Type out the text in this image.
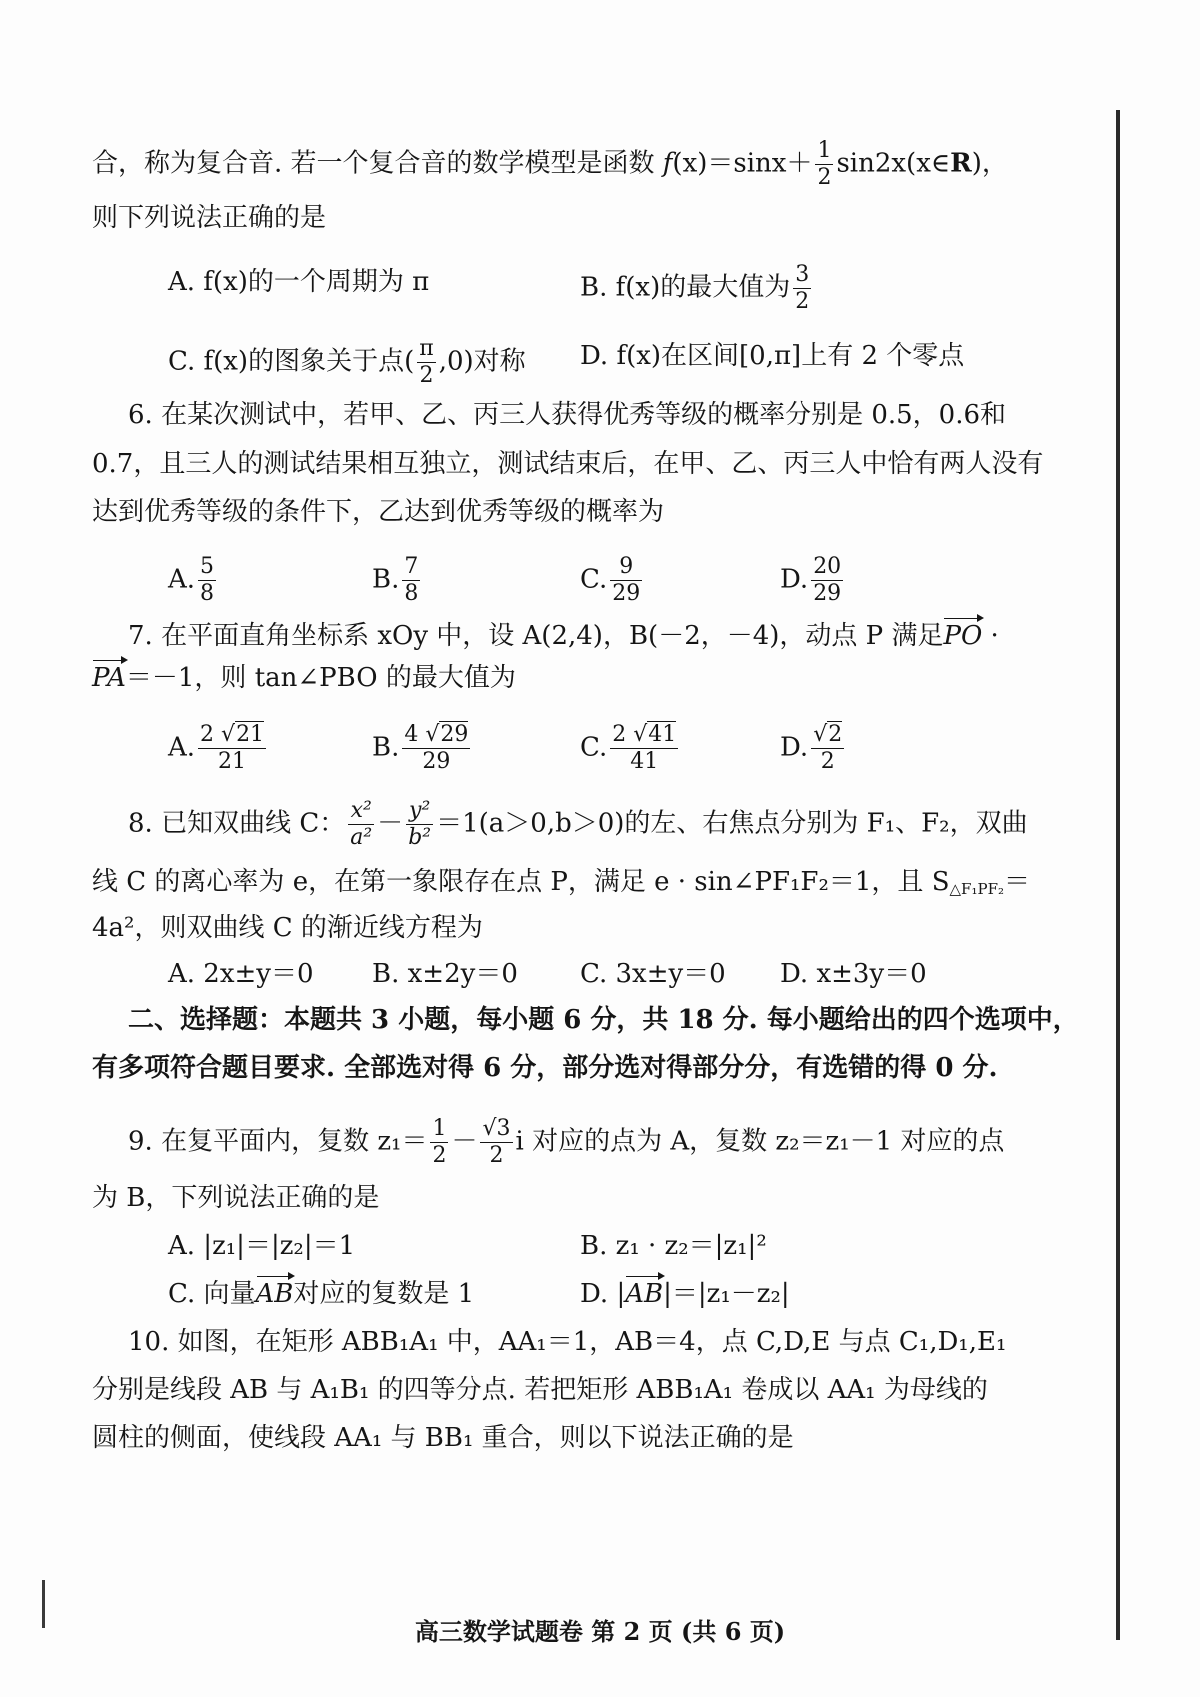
合，称为复合音. 若一个复合音的数学模型是函数 $f(x)=\sin x+ \frac{1}{2}$ sin2x(x∈R)，
则下列说法正确的是
A. f(x)的一个周期为 π	B. f(x)的最大值为 $\frac{3}{2}$
C. f(x)的图象关于点( $\frac{\pi}{2} ,0$)对称 D. f(x)在区间[0,π]上有 2 个零点
6. 在某次测试中，若甲、乙、丙三人获得优秀等级的概率分别是 0.5，0.6和
0.7，且三人的测试结果相互独立，测试结束后，在甲、乙、丙三人中恰有两人没有
达到优秀等级的条件下，乙达到优秀等级的概率为
A. $\frac{5}{8}$	B. $\frac{7}{8}$	C. $\frac{9}{29}$	D. $\frac{20}{29}$
7. 在平面直角坐标系 xOy 中，设 A(2,4)，B(－2，－4)，动点 P 满足PO ·
PA＝－1，则 tan∠PBO 的最大值为
A. $\frac{2 √21}{21}$	B. $\frac{4 √29}{29}$	C. $\frac{2 √41}{41}$	D. $\frac{√2}{2}$
8. 已知双曲线 C： $\frac{\text{x²}}{\text{a²}} - \frac{\text{y²}}{\text{b²}} =1(a>0,b>0)$的左、右焦点分别为 F₁、F₂，双曲
线 C 的离心率为 e，在第一象限存在点 P，满足 e · sin∠PF₁F₂＝1，且 $S_{\triangle F_1PF_2}=$
4a²，则双曲线 C 的渐近线方程为
A. 2x±y＝0 B. x±2y＝0 C. 3x±y＝0 D. x±3y＝0
二、选择题：本题共 3 小题，每小题 6 分，共 18 分. 每小题给出的四个选项中，
有多项符合题目要求. 全部选对得 6 分，部分选对得部分分，有选错的得 0 分.
9. 在复平面内，复数 $z_1= \frac{1}{2} - \frac{√3}{2}$ i 对应的点为 A，复数 z₂＝z₁－1 对应的点
为 B，下列说法正确的是
A. |z₁|＝|z₂|＝1	B. z₁ · z₂＝|z₁|²
C. 向量AB对应的复数是 1	D. |AB|＝|z₁－z₂|
10. 如图，在矩形 ABB₁A₁ 中，AA₁＝1，AB＝4，点 C,D,E 与点 C₁,D₁,E₁
分别是线段 AB 与 A₁B₁ 的四等分点. 若把矩形 ABB₁A₁ 卷成以 AA₁ 为母线的
圆柱的侧面，使线段 AA₁ 与 BB₁ 重合，则以下说法正确的是
高三数学试题卷 第 2 页 (共 6 页)
